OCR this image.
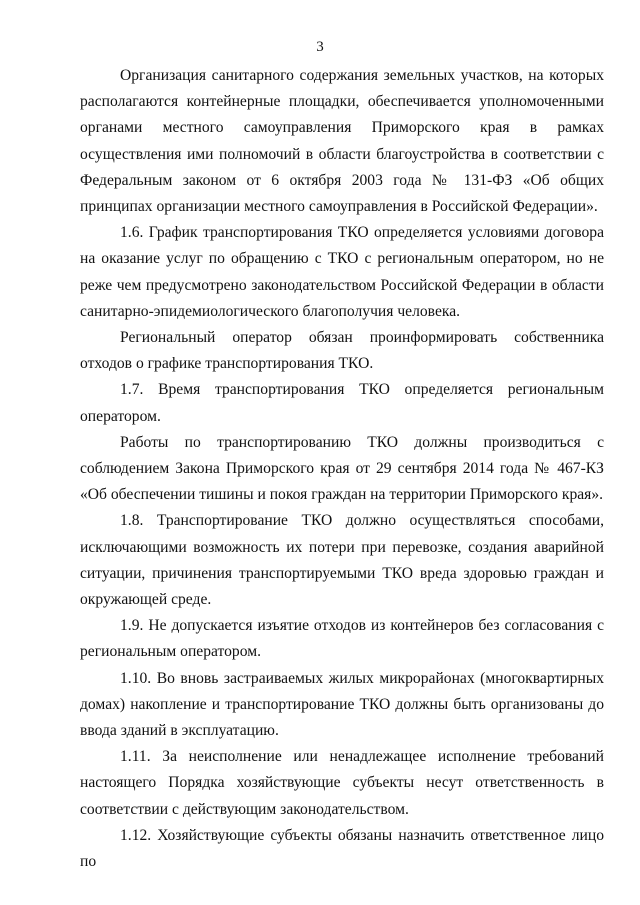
3

Организация санитарного содержания земельных участков, на которых располагаются контейнерные площадки, обеспечивается уполномоченными органами местного самоуправления Приморского края в рамках осуществления ими полномочий в области благоустройства в соответствии с Федеральным законом от 6 октября 2003 года № 131-ФЗ «Об общих принципах организации местного самоуправления в Российской Федерации».

1.6. График транспортирования ТКО определяется условиями договора на оказание услуг по обращению с ТКО с региональным оператором, но не реже чем предусмотрено законодательством Российской Федерации в области санитарно-эпидемиологического благополучия человека.

Региональный оператор обязан проинформировать собственника отходов о графике транспортирования ТКО.

1.7. Время транспортирования ТКО определяется региональным оператором.

Работы по транспортированию ТКО должны производиться с соблюдением Закона Приморского края от 29 сентября 2014 года № 467-КЗ «Об обеспечении тишины и покоя граждан на территории Приморского края».

1.8. Транспортирование ТКО должно осуществляться способами, исключающими возможность их потери при перевозке, создания аварийной ситуации, причинения транспортируемыми ТКО вреда здоровью граждан и окружающей среде.

1.9. Не допускается изъятие отходов из контейнеров без согласования с региональным оператором.

1.10. Во вновь застраиваемых жилых микрорайонах (многоквартирных домах) накопление и транспортирование ТКО должны быть организованы до ввода зданий в эксплуатацию.

1.11. За неисполнение или ненадлежащее исполнение требований настоящего Порядка хозяйствующие субъекты несут ответственность в соответствии с действующим законодательством.

1.12. Хозяйствующие субъекты обязаны назначить ответственное лицо по
